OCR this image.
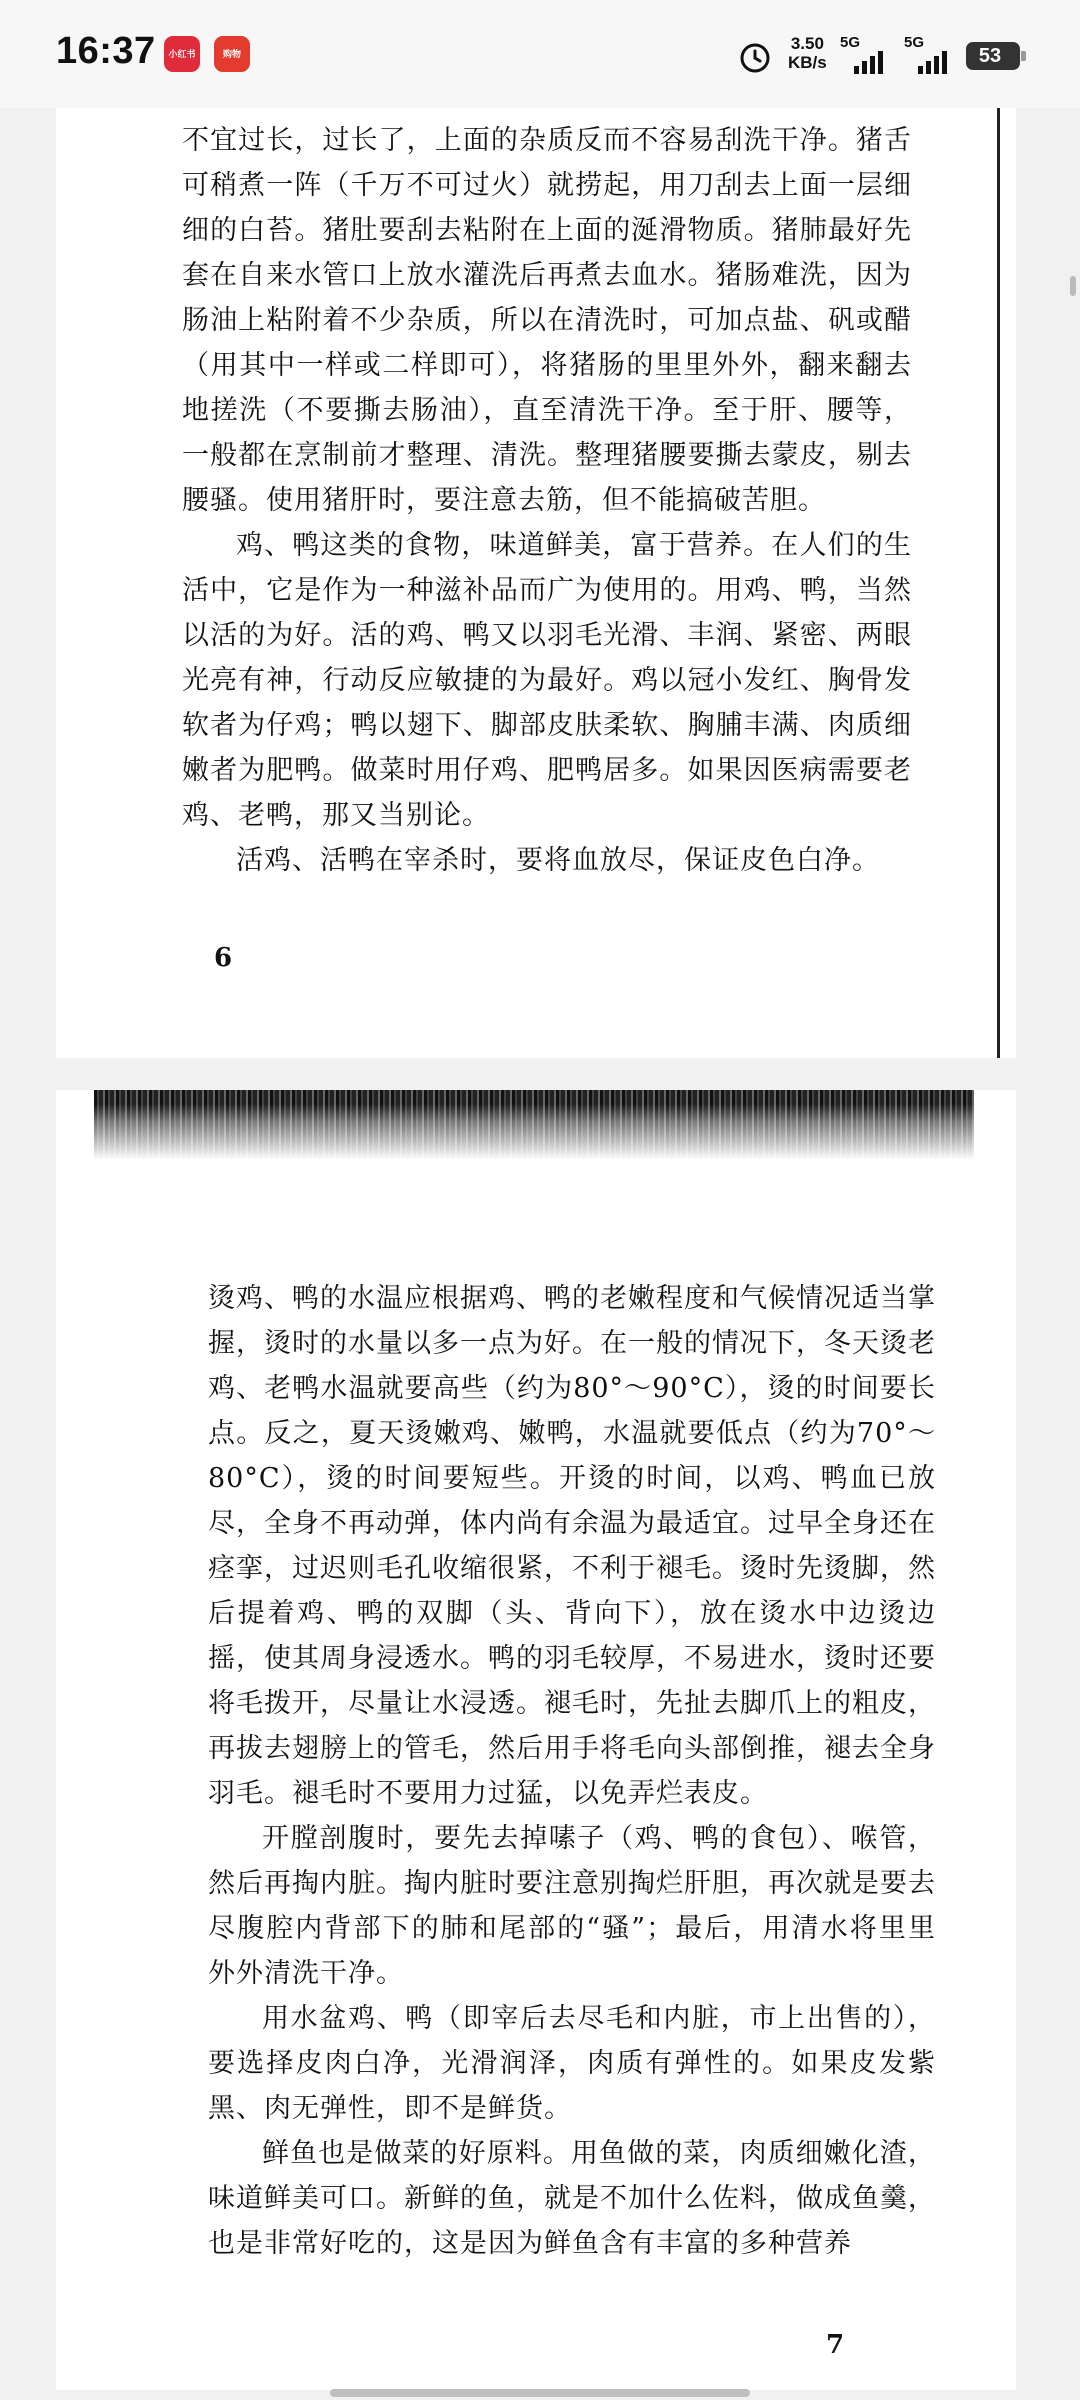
16:37	小红书	购物
3.50
KB/s
5G	5G
53

不宜过长，过长了，上面的杂质反而不容易刮洗干净。猪舌可稍煮一阵（千万不可过火）就捞起，用刀刮去上面一层细细的白苔。猪肚要刮去粘附在上面的涎滑物质。猪肺最好先套在自来水管口上放水灌洗后再煮去血水。猪肠难洗，因为肠油上粘附着不少杂质，所以在清洗时，可加点盐、矾或醋（用其中一样或二样即可），将猪肠的里里外外，翻来翻去地搓洗（不要撕去肠油），直至清洗干净。至于肝、腰等，一般都在烹制前才整理、清洗。整理猪腰要撕去蒙皮，剔去腰骚。使用猪肝时，要注意去筋，但不能搞破苦胆。

鸡、鸭这类的食物，味道鲜美，富于营养。在人们的生活中，它是作为一种滋补品而广为使用的。用鸡、鸭，当然以活的为好。活的鸡、鸭又以羽毛光滑、丰润、紧密、两眼光亮有神，行动反应敏捷的为最好。鸡以冠小发红、胸骨发软者为仔鸡；鸭以翅下、脚部皮肤柔软、胸脯丰满、肉质细嫩者为肥鸭。做菜时用仔鸡、肥鸭居多。如果因医病需要老鸡、老鸭，那又当别论。

活鸡、活鸭在宰杀时，要将血放尽，保证皮色白净。

6

烫鸡、鸭的水温应根据鸡、鸭的老嫩程度和气候情况适当掌握，烫时的水量以多一点为好。在一般的情况下，冬天烫老鸡、老鸭水温就要高些（约为80°～90°C），烫的时间要长点。反之，夏天烫嫩鸡、嫩鸭，水温就要低点（约为70°～80°C），烫的时间要短些。开烫的时间，以鸡、鸭血已放尽，全身不再动弹，体内尚有余温为最适宜。过早全身还在痉挛，过迟则毛孔收缩很紧，不利于褪毛。烫时先烫脚，然后提着鸡、鸭的双脚（头、背向下），放在烫水中边烫边摇，使其周身浸透水。鸭的羽毛较厚，不易进水，烫时还要将毛拨开，尽量让水浸透。褪毛时，先扯去脚爪上的粗皮，再拔去翅膀上的管毛，然后用手将毛向头部倒推，褪去全身羽毛。褪毛时不要用力过猛，以免弄烂表皮。

开膛剖腹时，要先去掉嗉子（鸡、鸭的食包）、喉管，然后再掏内脏。掏内脏时要注意别掏烂肝胆，再次就是要去尽腹腔内背部下的肺和尾部的“骚”；最后，用清水将里里外外清洗干净。

用水盆鸡、鸭（即宰后去尽毛和内脏，市上出售的），要选择皮肉白净，光滑润泽，肉质有弹性的。如果皮发紫黑、肉无弹性，即不是鲜货。

鲜鱼也是做菜的好原料。用鱼做的菜，肉质细嫩化渣，味道鲜美可口。新鲜的鱼，就是不加什么佐料，做成鱼羹，也是非常好吃的，这是因为鲜鱼含有丰富的多种营养

7
